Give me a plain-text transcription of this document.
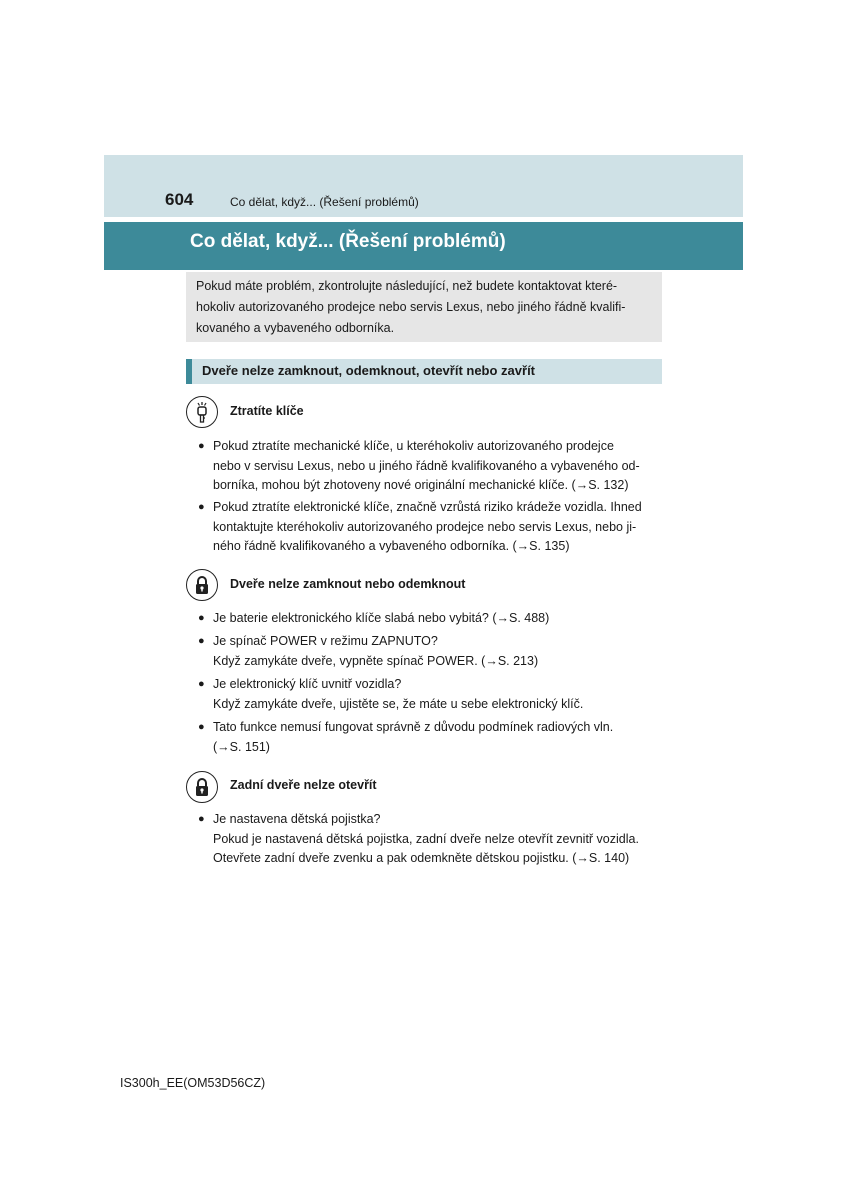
604	Co dělat, když... (Řešení problémů)
Co dělat, když... (Řešení problémů)
Pokud máte problém, zkontrolujte následující, než budete kontaktovat které-
hokoliv autorizovaného prodejce nebo servis Lexus, nebo jiného řádně kvalifi-
kovaného a vybaveného odborníka.
Dveře nelze zamknout, odemknout, otevřít nebo zavřít
Ztratíte klíče
● Pokud ztratíte mechanické klíče, u kteréhokoliv autorizovaného prodejce
nebo v servisu Lexus, nebo u jiného řádně kvalifikovaného a vybaveného od-
borníka, mohou být zhotoveny nové originální mechanické klíče. (→S. 132)
● Pokud ztratíte elektronické klíče, značně vzrůstá riziko krádeže vozidla. Ihned
kontaktujte kteréhokoliv autorizovaného prodejce nebo servis Lexus, nebo ji-
ného řádně kvalifikovaného a vybaveného odborníka. (→S. 135)
Dveře nelze zamknout nebo odemknout
● Je baterie elektronického klíče slabá nebo vybitá? (→S. 488)
● Je spínač POWER v režimu ZAPNUTO?
Když zamykáte dveře, vypněte spínač POWER. (→S. 213)
● Je elektronický klíč uvnitř vozidla?
Když zamykáte dveře, ujistěte se, že máte u sebe elektronický klíč.
● Tato funkce nemusí fungovat správně z důvodu podmínek radiových vln.
(→S. 151)
Zadní dveře nelze otevřít
● Je nastavena dětská pojistka?
Pokud je nastavená dětská pojistka, zadní dveře nelze otevřít zevnitř vozidla.
Otevřete zadní dveře zvenku a pak odemkněte dětskou pojistku. (→S. 140)
IS300h_EE(OM53D56CZ)
